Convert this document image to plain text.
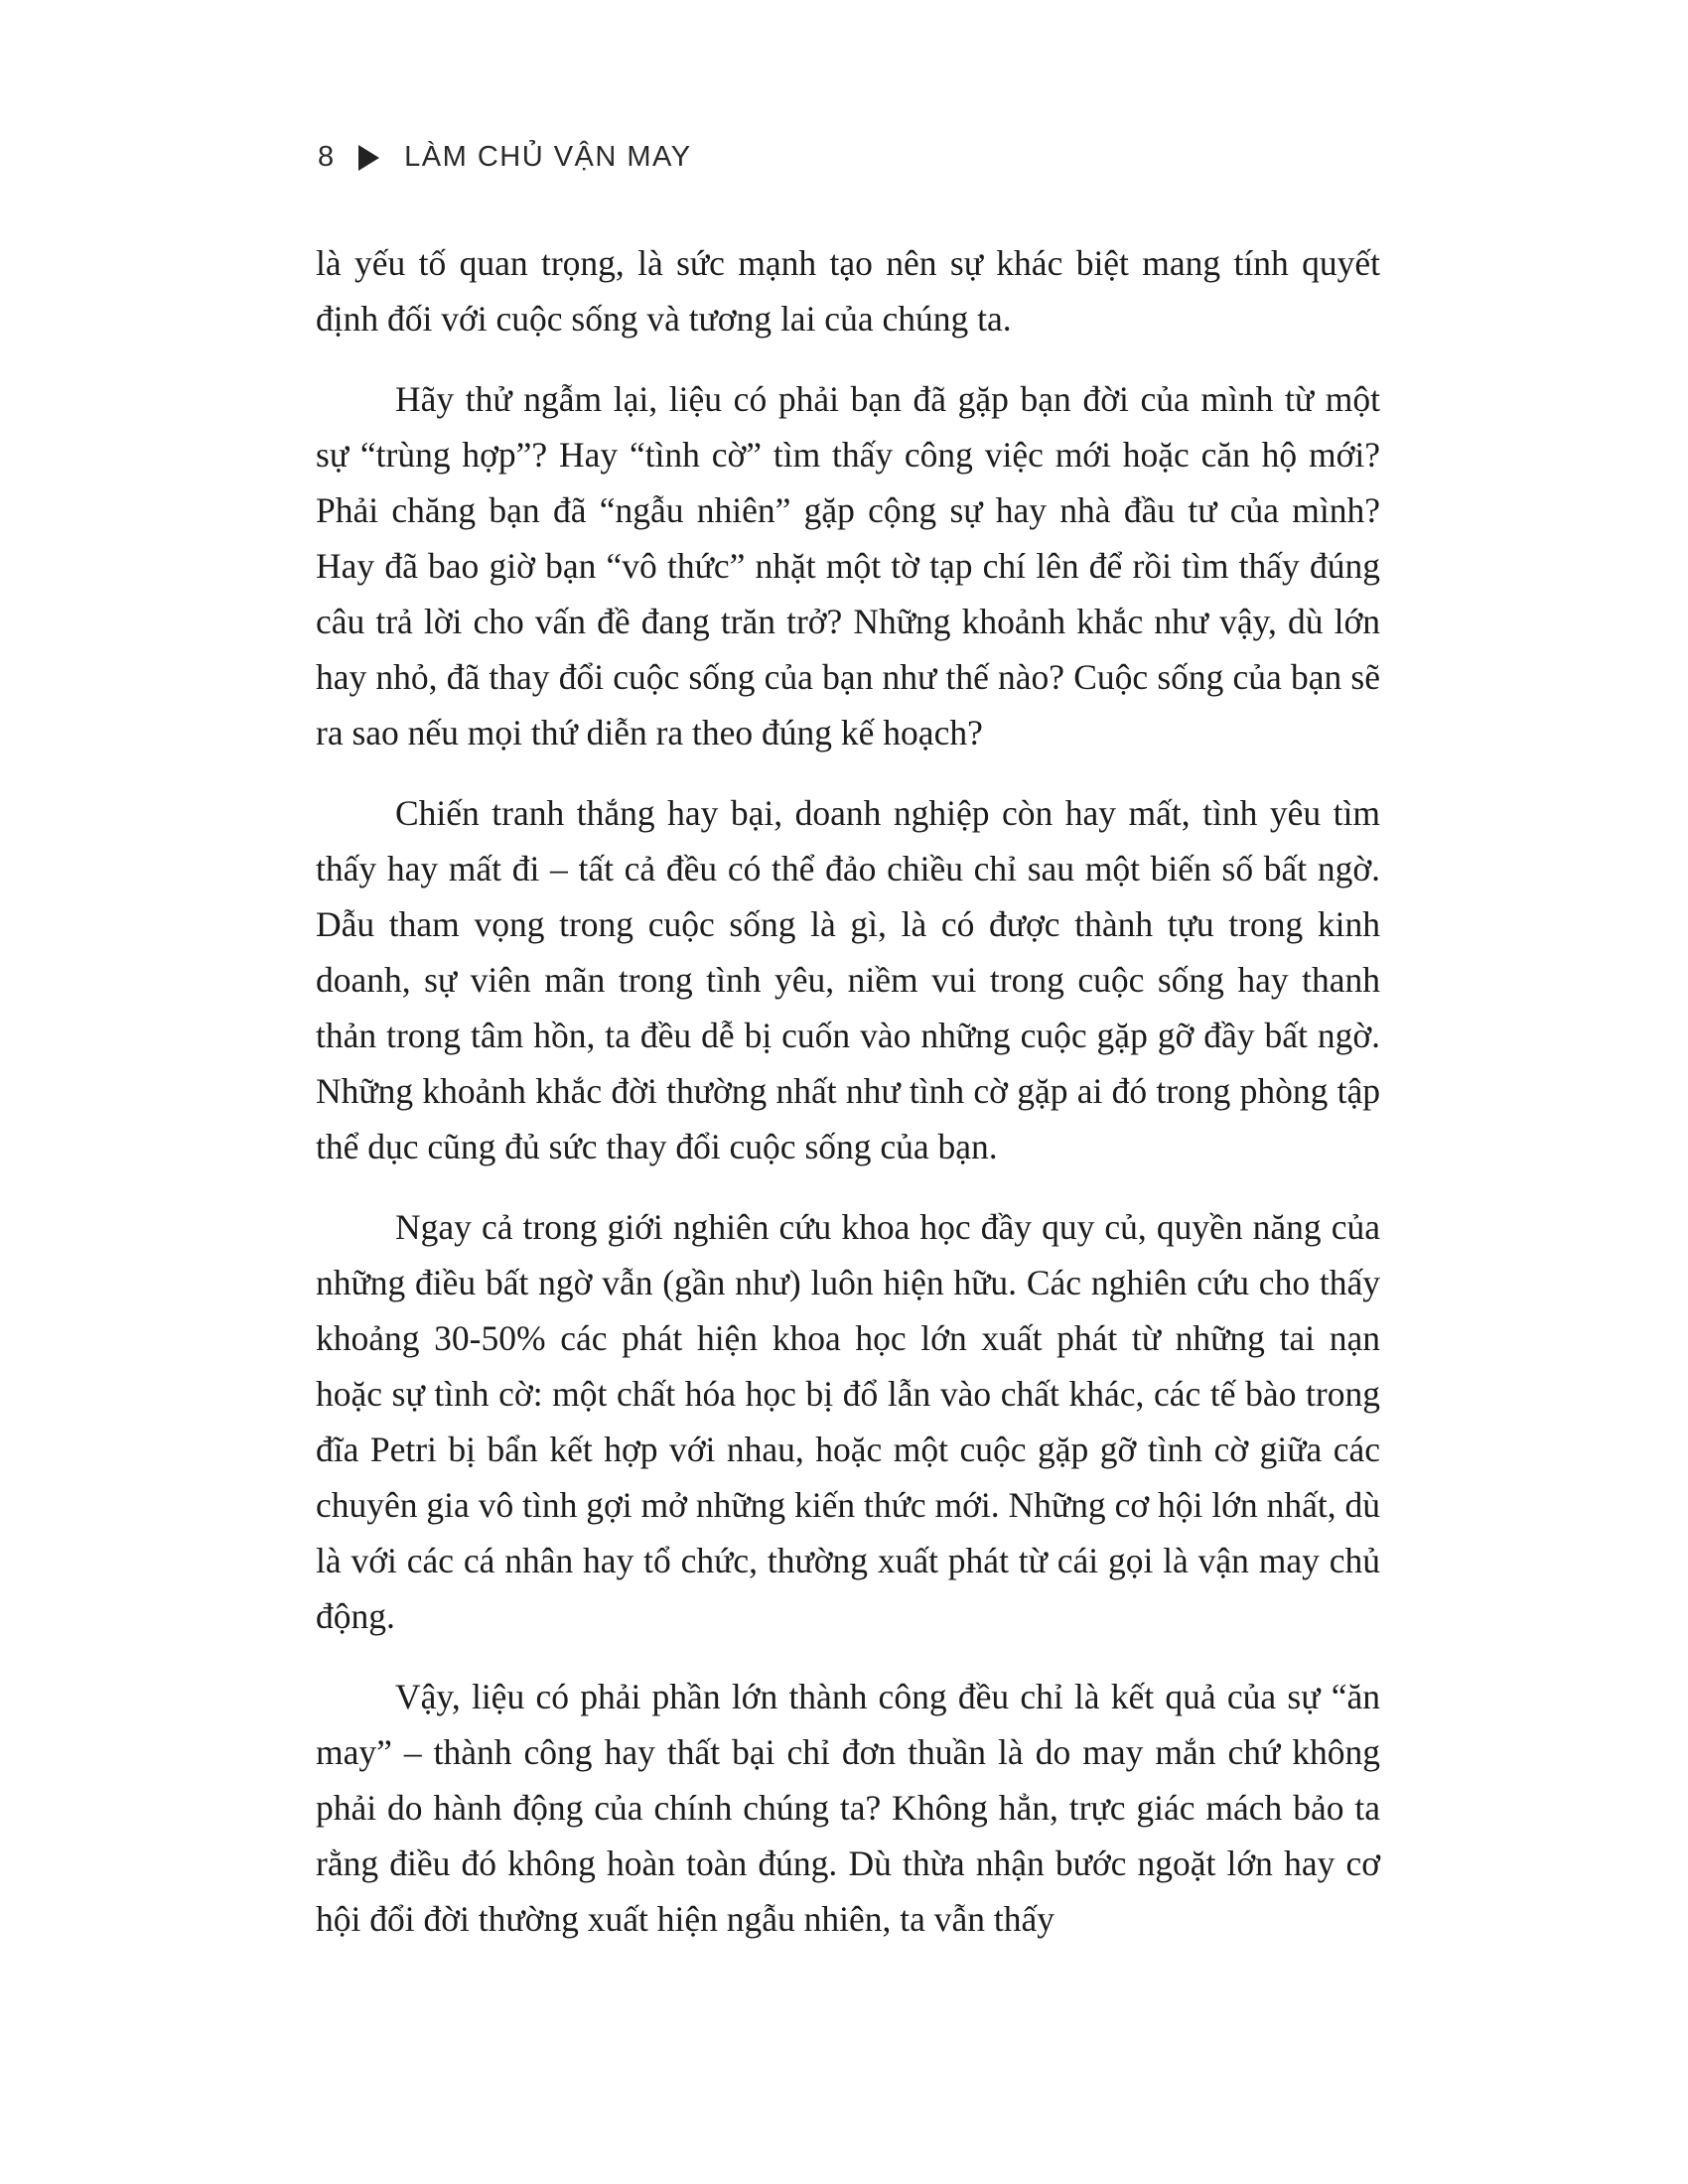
8 LÀM CHỦ VẬN MAY

là yếu tố quan trọng, là sức mạnh tạo nên sự khác biệt mang tính quyết định đối với cuộc sống và tương lai của chúng ta.

Hãy thử ngẫm lại, liệu có phải bạn đã gặp bạn đời của mình từ một sự “trùng hợp”? Hay “tình cờ” tìm thấy công việc mới hoặc căn hộ mới? Phải chăng bạn đã “ngẫu nhiên” gặp cộng sự hay nhà đầu tư của mình? Hay đã bao giờ bạn “vô thức” nhặt một tờ tạp chí lên để rồi tìm thấy đúng câu trả lời cho vấn đề đang trăn trở? Những khoảnh khắc như vậy, dù lớn hay nhỏ, đã thay đổi cuộc sống của bạn như thế nào? Cuộc sống của bạn sẽ ra sao nếu mọi thứ diễn ra theo đúng kế hoạch?

Chiến tranh thắng hay bại, doanh nghiệp còn hay mất, tình yêu tìm thấy hay mất đi – tất cả đều có thể đảo chiều chỉ sau một biến số bất ngờ. Dẫu tham vọng trong cuộc sống là gì, là có được thành tựu trong kinh doanh, sự viên mãn trong tình yêu, niềm vui trong cuộc sống hay thanh thản trong tâm hồn, ta đều dễ bị cuốn vào những cuộc gặp gỡ đầy bất ngờ. Những khoảnh khắc đời thường nhất như tình cờ gặp ai đó trong phòng tập thể dục cũng đủ sức thay đổi cuộc sống của bạn.

Ngay cả trong giới nghiên cứu khoa học đầy quy củ, quyền năng của những điều bất ngờ vẫn (gần như) luôn hiện hữu. Các nghiên cứu cho thấy khoảng 30-50% các phát hiện khoa học lớn xuất phát từ những tai nạn hoặc sự tình cờ: một chất hóa học bị đổ lẫn vào chất khác, các tế bào trong đĩa Petri bị bẩn kết hợp với nhau, hoặc một cuộc gặp gỡ tình cờ giữa các chuyên gia vô tình gợi mở những kiến thức mới. Những cơ hội lớn nhất, dù là với các cá nhân hay tổ chức, thường xuất phát từ cái gọi là vận may chủ động.

Vậy, liệu có phải phần lớn thành công đều chỉ là kết quả của sự “ăn may” – thành công hay thất bại chỉ đơn thuần là do may mắn chứ không phải do hành động của chính chúng ta? Không hẳn, trực giác mách bảo ta rằng điều đó không hoàn toàn đúng. Dù thừa nhận bước ngoặt lớn hay cơ hội đổi đời thường xuất hiện ngẫu nhiên, ta vẫn thấy
